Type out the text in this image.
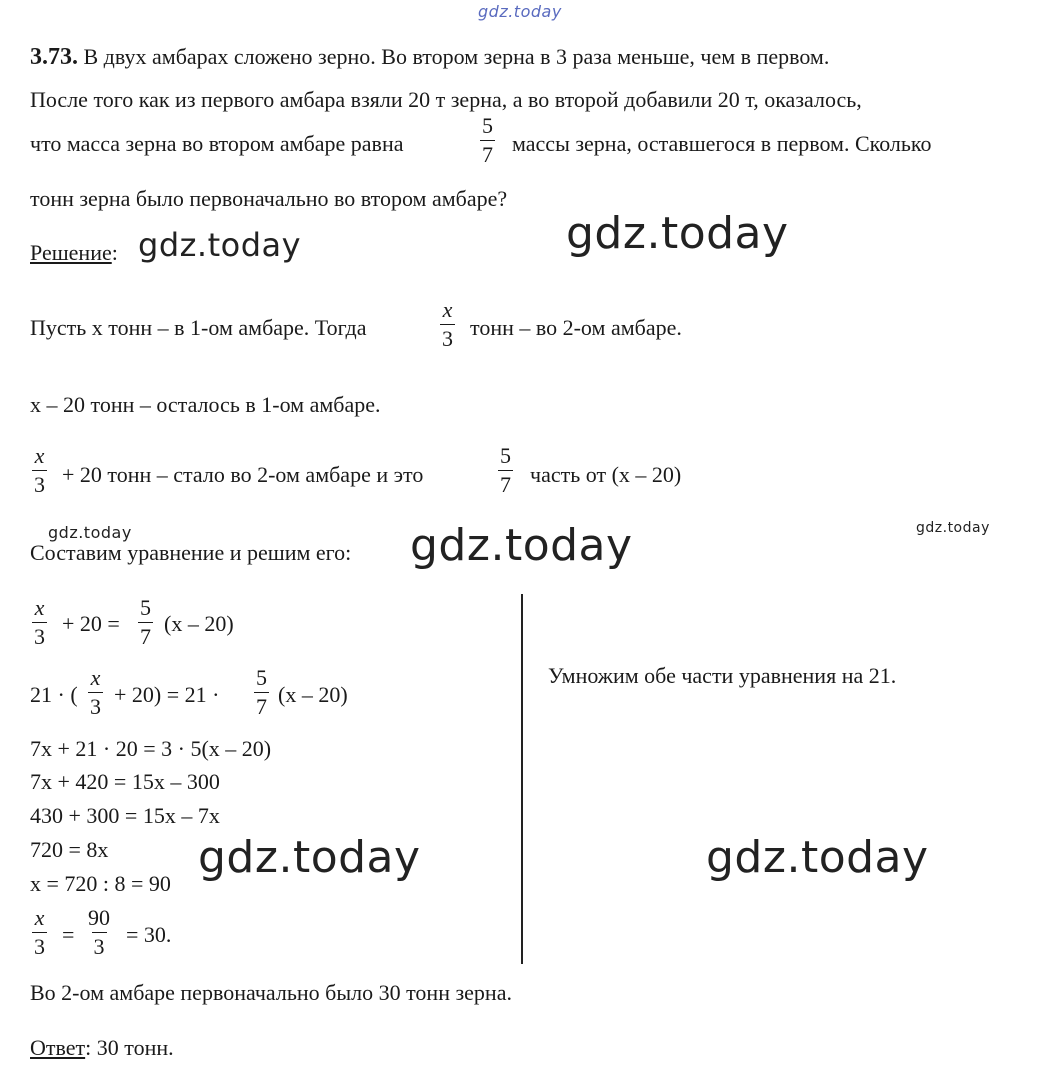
gdz.today
gdz.today	gdz.today
gdz.today	gdz.today
gdz.today
gdz.today	gdz.today
3.73. В двух амбарах сложено зерно. Во втором зерна в 3 раза меньше, чем в первом.
После того как из первого амбара взяли 20 т зерна, а во второй добавили 20 т, оказалось,
что масса зерна во втором амбаре равна	$\frac{5}{7}$ массы зерна, оставшегося в первом. Сколько
тонн зерна было первоначально во втором амбаре?
Решение:
Пусть х тонн – в 1-ом амбаре. Тогда	$\frac{x}{3}$ тонн – во 2-ом амбаре.
х – 20 тонн – осталось в 1-ом амбаре.
$\frac{x}{3} + 20$ тонн – стало во 2-ом амбаре и это	$\frac{5}{7}$ часть от (x – 20)
Составим уравнение и решим его:
$\frac{x}{3} + 20 = \frac{5}{7} (x - 20)$
21 · ( $\frac{x}{3} + 20) = 21 \cdot \frac{5}{7} (x - 20)$
Умножим обе части уравнения на 21.
7x + 21 · 20 = 3 · 5(x – 20)
7x + 420 = 15x – 300
430 + 300 = 15x – 7x
720 = 8x
x = 720 : 8 = 90
$\frac{x}{3} = \frac{90}{3} = 30$.
Во 2-ом амбаре первоначально было 30 тонн зерна.
Ответ: 30 тонн.
